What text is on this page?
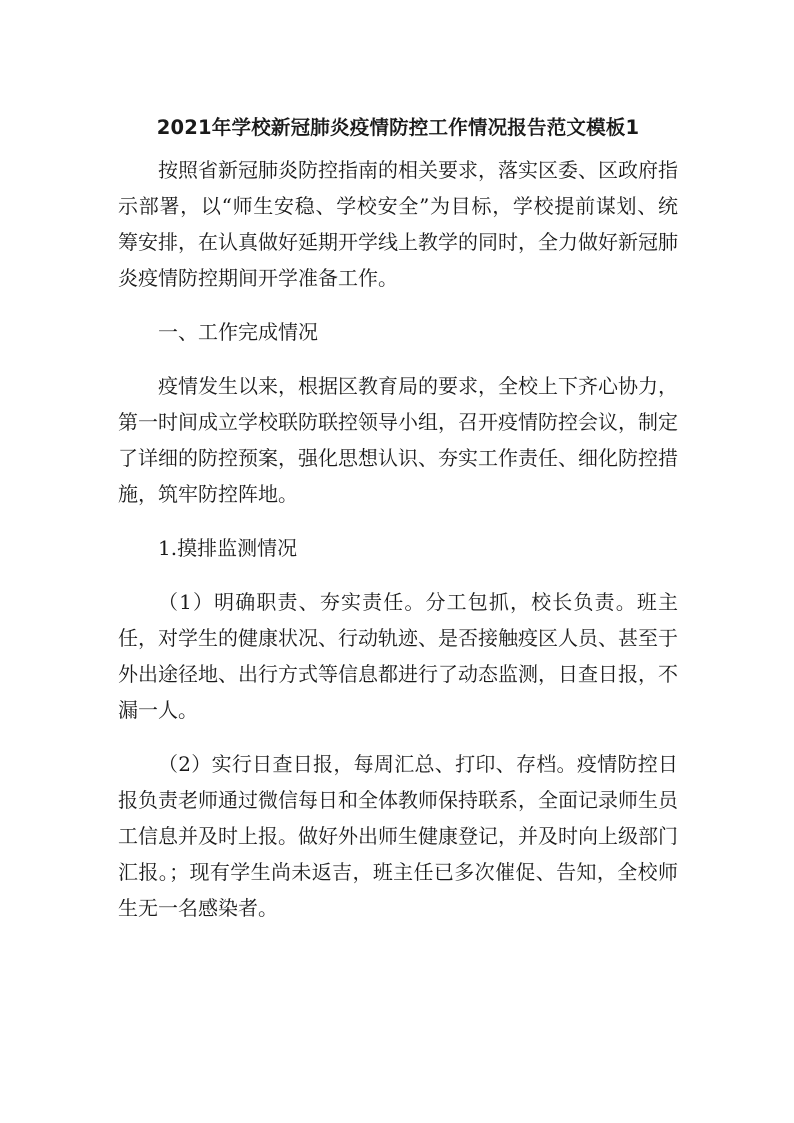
2021年学校新冠肺炎疫情防控工作情况报告范文模板1

按照省新冠肺炎防控指南的相关要求，落实区委、区政府指示部署，以“师生安稳、学校安全”为目标，学校提前谋划、统筹安排，在认真做好延期开学线上教学的同时，全力做好新冠肺炎疫情防控期间开学准备工作。

一、工作完成情况

疫情发生以来，根据区教育局的要求，全校上下齐心协力，第一时间成立学校联防联控领导小组，召开疫情防控会议，制定了详细的防控预案，强化思想认识、夯实工作责任、细化防控措施，筑牢防控阵地。

1.摸排监测情况

（1）明确职责、夯实责任。分工包抓，校长负责。班主任，对学生的健康状况、行动轨迹、是否接触疫区人员、甚至于外出途径地、出行方式等信息都进行了动态监测，日查日报，不漏一人。

（2）实行日查日报，每周汇总、打印、存档。疫情防控日报负责老师通过微信每日和全体教师保持联系，全面记录师生员工信息并及时上报。做好外出师生健康登记，并及时向上级部门汇报。；现有学生尚未返吉，班主任已多次催促、告知，全校师生无一名感染者。
